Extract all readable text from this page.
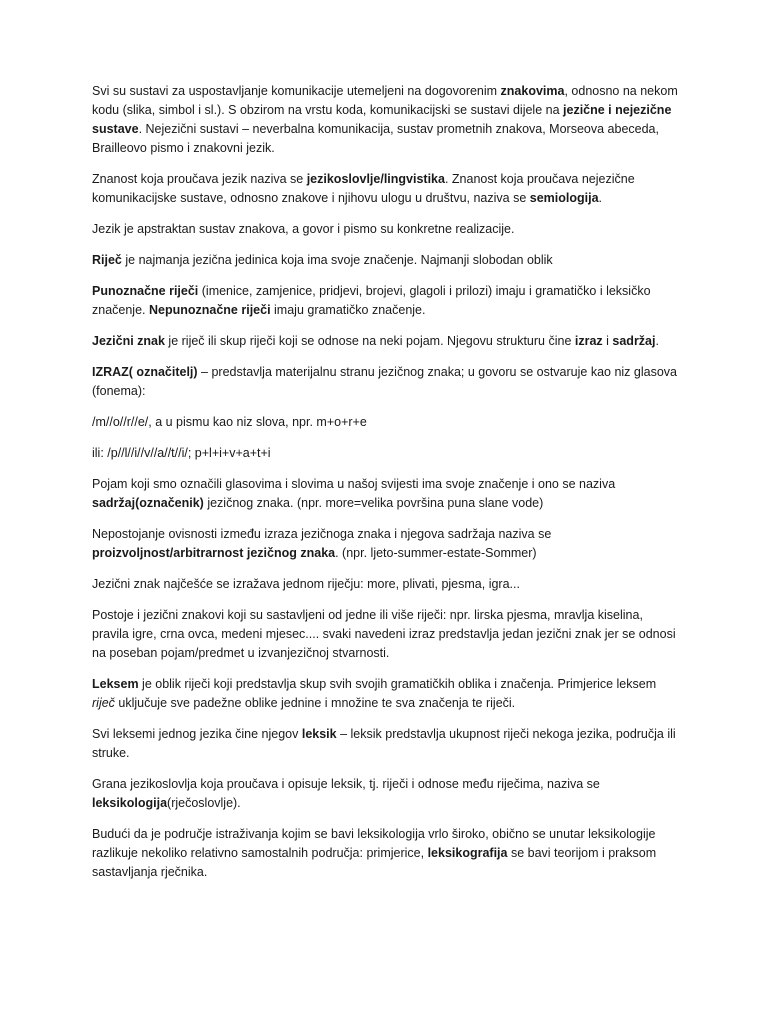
Svi su sustavi za uspostavljanje komunikacije utemeljeni na dogovorenim znakovima, odnosno na nekom kodu (slika, simbol i sl.). S obzirom na vrstu koda, komunikacijski se sustavi dijele na jezične i nejezične sustave. Nejezični sustavi – neverbalna komunikacija, sustav prometnih znakova, Morseova abeceda, Brailleovo pismo i znakovni jezik.

Znanost koja proučava jezik naziva se jezikoslovlje/lingvistika. Znanost koja proučava nejezične komunikacijske sustave, odnosno znakove i njihovu ulogu u društvu, naziva se semiologija.

Jezik je apstraktan sustav znakova, a govor i pismo su konkretne realizacije.

Riječ je najmanja jezična jedinica koja ima svoje značenje. Najmanji slobodan oblik

Punoznačne riječi (imenice, zamjenice, pridjevi, brojevi, glagoli i prilozi) imaju i gramatičko i leksičko značenje. Nepunoznačne riječi imaju gramatičko značenje.

Jezični znak je riječ ili skup riječi koji se odnose na neki pojam. Njegovu strukturu čine izraz i sadržaj.

IZRAZ( označitelj) – predstavlja materijalnu stranu jezičnog znaka; u govoru se ostvaruje kao niz glasova (fonema):

/m//o//r//e/, a u pismu kao niz slova, npr. m+o+r+e

ili: /p//l//i//v//a//t//i/; p+l+i+v+a+t+i

Pojam koji smo označili glasovima i slovima u našoj svijesti ima svoje značenje i ono se naziva sadržaj(označenik) jezičnog znaka. (npr. more=velika površina puna slane vode)

Nepostojanje ovisnosti između izraza jezičnoga znaka i njegova sadržaja naziva se proizvoljnost/arbitrarnost jezičnog znaka. (npr. ljeto-summer-estate-Sommer)

Jezični znak najčešće se izražava jednom riječju: more, plivati, pjesma, igra...

Postoje i jezični znakovi koji su sastavljeni od jedne ili više riječi: npr. lirska pjesma, mravlja kiselina, pravila igre, crna ovca, medeni mjesec.... svaki navedeni izraz predstavlja jedan jezični znak jer se odnosi na poseban pojam/predmet u izvanjezičnoj stvarnosti.

Leksem je oblik riječi koji predstavlja skup svih svojih gramatičkih oblika i značenja. Primjerice leksem riječ uključuje sve padežne oblike jednine i množine te sva značenja te riječi.

Svi leksemi jednog jezika čine njegov leksik – leksik predstavlja ukupnost riječi nekoga jezika, područja ili struke.

Grana jezikoslovlja koja proučava i opisuje leksik, tj. riječi i odnose među riječima, naziva se leksikologija(rječoslovlje).

Budući da je područje istraživanja kojim se bavi leksikologija vrlo široko, obično se unutar leksikologije razlikuje nekoliko relativno samostalnih područja: primjerice, leksikografija se bavi teorijom i praksom sastavljanja rječnika.
